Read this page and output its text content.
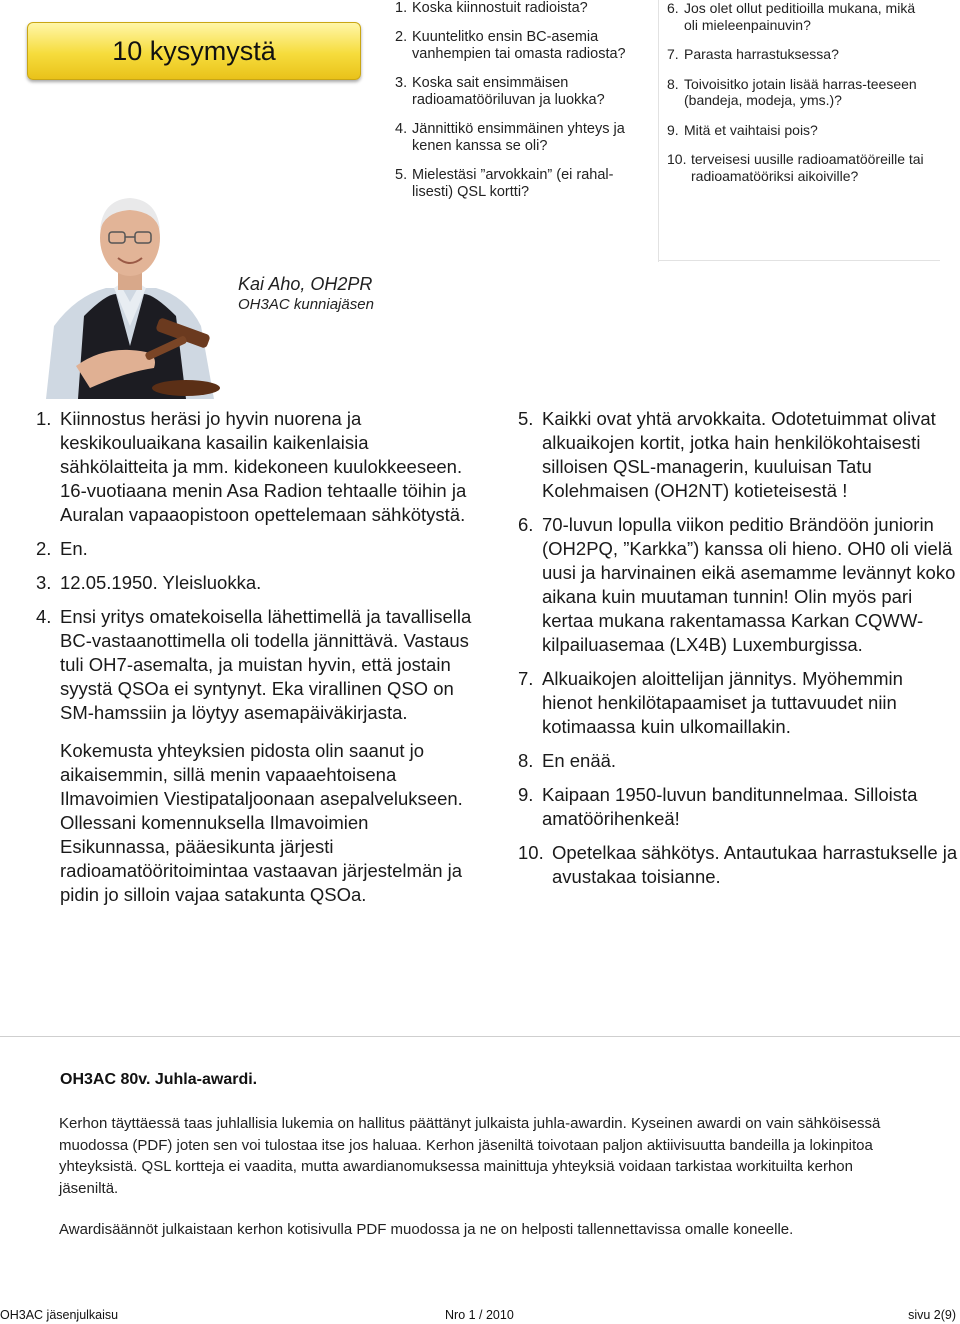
10 kysymystä
1. Koska kiinnostuit radioista?
2. Kuuntelitko ensin BC-asemia vanhempien tai omasta radiosta?
3. Koska sait ensimmäisen radioamatööriluvan ja luokka?
4. Jännittikö ensimmäinen yhteys ja kenen kanssa se oli?
5. Mielestäsi ”arvokkain” (ei rahal-lisesti) QSL kortti?
6. Jos olet ollut peditioilla mukana, mikä oli mieleenpainuvin?
7. Parasta harrastuksessa?
8. Toivoisitko jotain lisää harras-teeseen (bandeja, modeja, yms.)?
9. Mitä et vaihtaisi pois?
10. terveisesi uusille radioamatööreille tai radioamatööriksi aikoiville?
Kai Aho, OH2PR
OH3AC kunniajäsen
1. Kiinnostus heräsi jo hyvin nuorena ja keskikouluaikana kasailin kaikenlaisia sähkölaitteita ja mm. kidekoneen kuulokkeeseen. 16-vuotiaana menin Asa Radion tehtaalle töihin ja Auralan vapaaopistoon opettelemaan sähkötystä.
2. En.
3. 12.05.1950. Yleisluokka.
4. Ensi yritys omatekoisella lähettimellä ja tavallisella BC-vastaanottimella oli todella jännittävä. Vastaus tuli OH7-asemalta, ja muistan hyvin, että jostain syystä QSOa ei syntynyt. Eka virallinen QSO on SM-hamssiin ja löytyy asemapäiväkirjasta.

Kokemusta yhteyksien pidosta olin saanut jo aikaisemmin, sillä menin vapaaehtoisena Ilmavoimien Viestipataljoonaan asepalvelukseen. Ollessani komennuksella Ilmavoimien Esikunnassa, pääesikunta järjesti radioamatööritoimintaa vastaavan järjestelmän ja pidin jo silloin vajaa satakunta QSOa.

5. Kaikki ovat yhtä arvokkaita. Odotetuimmat olivat alkuaikojen kortit, jotka hain henkilökohtaisesti silloisen QSL-managerin, kuuluisan Tatu Kolehmaisen (OH2NT) kotieteisestä !
6. 70-luvun lopulla viikon peditio Brändöön juniorin (OH2PQ, ”Karkka”) kanssa oli hieno. OH0 oli vielä uusi ja harvinainen eikä asemamme levännyt koko aikana kuin muutaman tunnin! Olin myös pari kertaa mukana rakentamassa Karkan CQWW-kilpailuasemaa (LX4B) Luxemburgissa.
7. Alkuaikojen aloittelijan jännitys. Myöhemmin hienot henkilötapaamiset ja tuttavuudet niin kotimaassa kuin ulkomaillakin.
8. En enää.
9. Kaipaan 1950-luvun banditunnelmaa. Silloista amatöörihenkeä!
10. Opetelkaa sähkötys. Antautukaa harrastukselle ja avustakaa toisianne.
OH3AC 80v. Juhla-awardi.

Kerhon täyttäessä taas juhlallisia lukemia on hallitus päättänyt julkaista juhla-awardin. Kyseinen awardi on vain sähköisessä muodossa (PDF) joten sen voi tulostaa itse jos haluaa. Kerhon jäseniltä toivotaan paljon aktiivisuutta bandeilla ja lokinpitoa yhteyksistä. QSL kortteja ei vaadita, mutta awardianomuksessa mainittuja yhteyksiä voidaan tarkistaa workituilta kerhon jäseniltä.

Awardisäännöt julkaistaan kerhon kotisivulla PDF muodossa ja ne on helposti tallennettavissa omalle koneelle.

OH3AC jäsenjulkaisu	Nro 1 / 2010	sivu 2(9)
